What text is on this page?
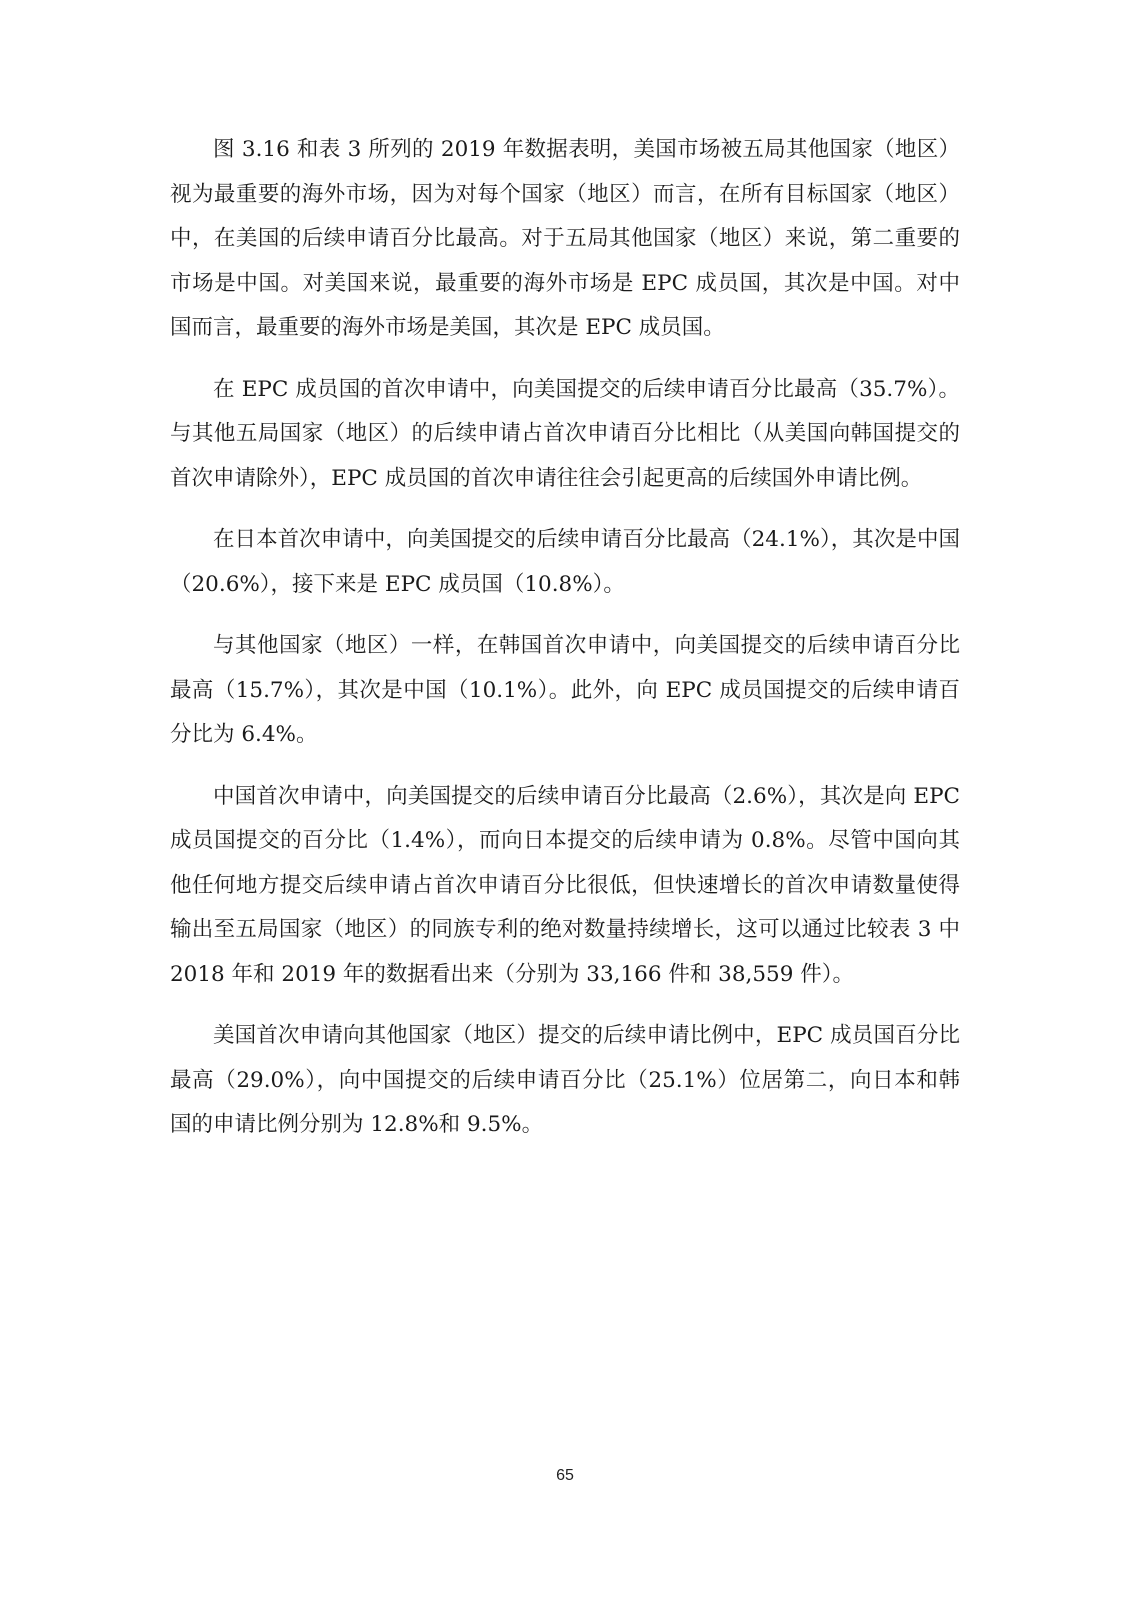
图 3.16 和表 3 所列的 2019 年数据表明，美国市场被五局其他国家（地区）视为最重要的海外市场，因为对每个国家（地区）而言，在所有目标国家（地区）中，在美国的后续申请百分比最高。对于五局其他国家（地区）来说，第二重要的市场是中国。对美国来说，最重要的海外市场是 EPC 成员国，其次是中国。对中国而言，最重要的海外市场是美国，其次是 EPC 成员国。

在 EPC 成员国的首次申请中，向美国提交的后续申请百分比最高（35.7%）。与其他五局国家（地区）的后续申请占首次申请百分比相比（从美国向韩国提交的首次申请除外），EPC 成员国的首次申请往往会引起更高的后续国外申请比例。

在日本首次申请中，向美国提交的后续申请百分比最高（24.1%），其次是中国（20.6%），接下来是 EPC 成员国（10.8%）。

与其他国家（地区）一样，在韩国首次申请中，向美国提交的后续申请百分比最高（15.7%），其次是中国（10.1%）。此外，向 EPC 成员国提交的后续申请百分比为 6.4%。

中国首次申请中，向美国提交的后续申请百分比最高（2.6%），其次是向 EPC 成员国提交的百分比（1.4%），而向日本提交的后续申请为 0.8%。尽管中国向其他任何地方提交后续申请占首次申请百分比很低，但快速增长的首次申请数量使得输出至五局国家（地区）的同族专利的绝对数量持续增长，这可以通过比较表 3 中 2018 年和 2019 年的数据看出来（分别为 33,166 件和 38,559 件）。

美国首次申请向其他国家（地区）提交的后续申请比例中，EPC 成员国百分比最高（29.0%），向中国提交的后续申请百分比（25.1%）位居第二，向日本和韩国的申请比例分别为 12.8%和 9.5%。

65
